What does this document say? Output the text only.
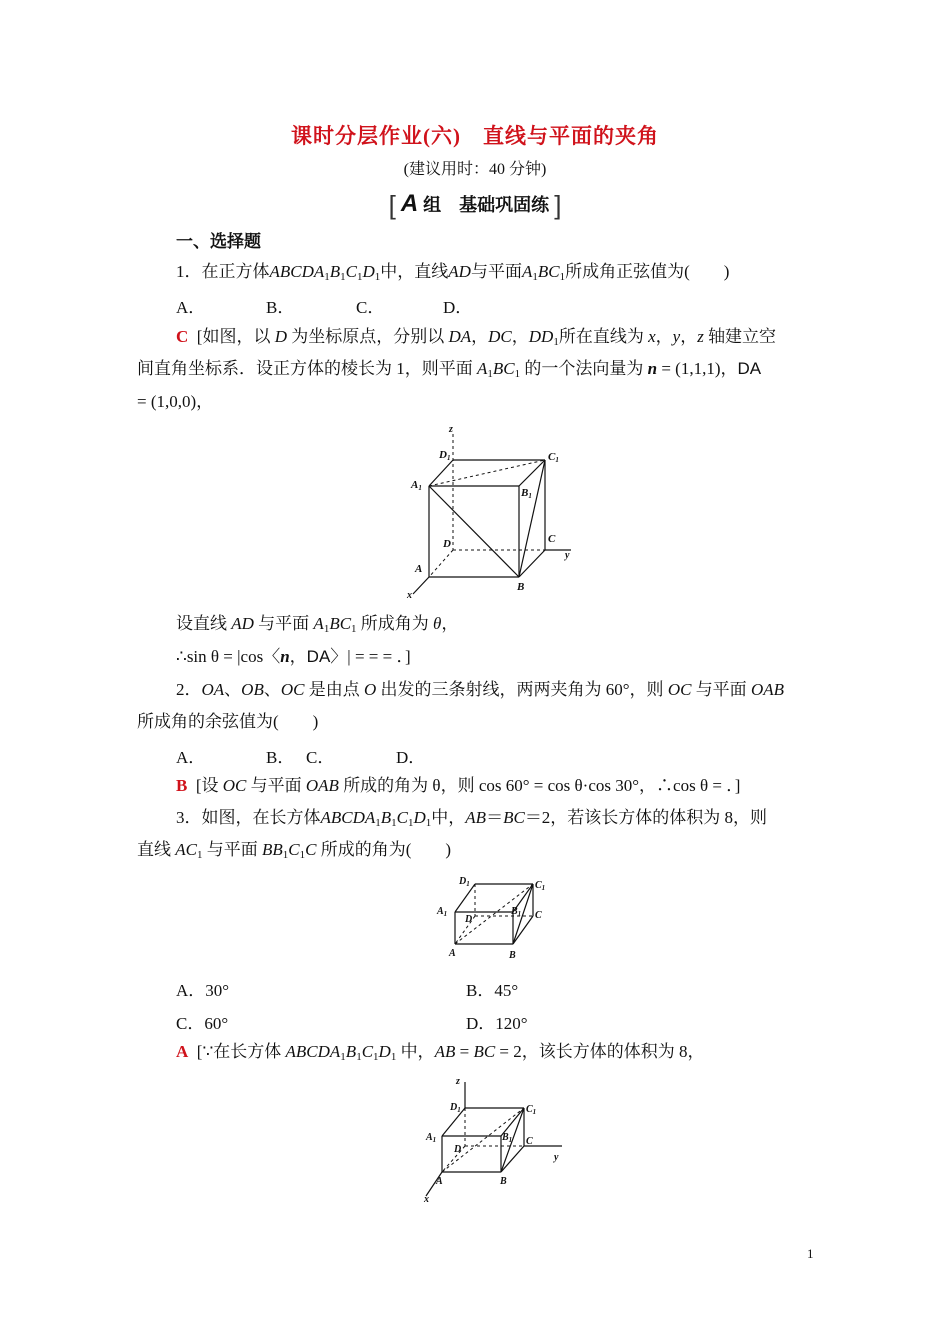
课时分层作业(六)　直线与平面的夹角
(建议用时：40 分钟)
[ A 组　基础巩固练 ]
一、选择题
1．在正方体$ABCDA_1B_1C_1D_1$中，直线AD与平面$A_1BC_1$所成角正弦值为(　　)
A．	B．	C．	D．
C [如图，以 D 为坐标原点，分别以 DA，DC，$DD_1$所在直线为 x，y，z 轴建立空
间直角坐标系．设正方体的棱长为 1，则平面 $A_1BC_1$ 的一个法向量为 n = (1,1,1)，DA
= (1,0,0)，
z
D1	C1
A1	B1
D	C
y
A
B
x
设直线 AD 与平面 $A_1BC_1$ 所成角为 θ，
∴sin θ = |cos〈n，DA〉| = = = ．]
2．OA、OB、OC 是由点 O 出发的三条射线，两两夹角为 60°，则 OC 与平面 OAB
所成角的余弦值为(　　)
A．	B． C．	D．
B [设 OC 与平面 OAB 所成的角为 θ，则 cos 60° = cos θ·cos 30°，∴cos θ = ．]
3．如图，在长方体$ABCDA_1B_1C_1D_1$中，AB＝BC＝2，若该长方体的体积为 8，则
直线 $AC_1$ 与平面 $BB_1C_1C$ 所成的角为(　　)
$D_1$	$C_1$
$A_1$	$B_1$
D	C
A	B
A．30°	B．45°
C．60°	D．120°
A [∵在长方体 $ABCDA_1B_1C_1D_1$ 中，AB = BC = 2，该长方体的体积为 8，
z
$D_1$	$C_1$
$A_1$	$B_1$
D
C
y
A	B
x
1
